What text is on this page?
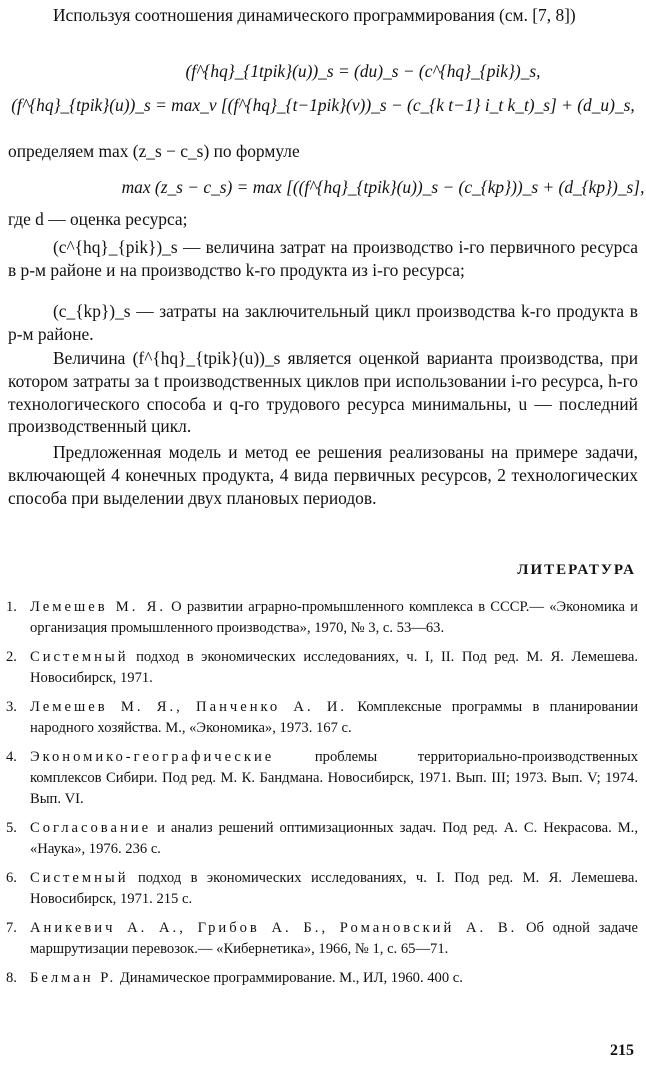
Используя соотношения динамического программирования (см. [7, 8])

(f^{hq}_{1tpik}(u))_s = (du)_s − (c^{hq}_{pik})_s,

(f^{hq}_{tpik}(u))_s = max_v [(f^{hq}_{t−1pik}(v))_s − (c_{k t−1} i_t k_t)_s] + (d_u)_s,

определяем max (z_s − c_s) по формуле

max (z_s − c_s) = max [((f^{hq}_{tpik}(u))_s − (c_{kp}))_s + (d_{kp})_s],

где d — оценка ресурса;

(c^{hq}_{pik})_s — величина затрат на производство i-го первичного ресурса в p-м районе и на производство k-го продукта из i-го ресурса;

(c_{kp})_s — затраты на заключительный цикл производства k-го продукта в p-м районе.

Величина (f^{hq}_{tpik}(u))_s является оценкой варианта производства, при котором затраты за t производственных циклов при использовании i-го ресурса, h-го технологического способа и q-го трудового ресурса минимальны, u — последний производственный цикл.

Предложенная модель и метод ее решения реализованы на примере задачи, включающей 4 конечных продукта, 4 вида первичных ресурсов, 2 технологических способа при выделении двух плановых периодов.

ЛИТЕРАТУРА

1. Лемешев М. Я. О развитии аграрно-промышленного комплекса в СССР.— «Экономика и организация промышленного производства», 1970, № 3, с. 53—63.

2. Системный подход в экономических исследованиях, ч. I, II. Под ред. М. Я. Лемешева. Новосибирск, 1971.

3. Лемешев М. Я., Панченко А. И. Комплексные программы в планировании народного хозяйства. М., «Экономика», 1973. 167 с.

4. Экономико-географические	проблемы территориально-производственных комплексов Сибири. Под ред. М. К. Бандмана. Новосибирск, 1971. Вып. III; 1973. Вып. V; 1974. Вып. VI.

5. Согласование и анализ решений оптимизационных задач. Под ред. А. С. Некрасова. М., «Наука», 1976. 236 с.

6. Системный подход в экономических исследованиях, ч. I. Под ред. М. Я. Лемешева. Новосибирск, 1971. 215 с.

7. Аникевич А. А., Грибов А. Б., Романовский А. В. Об одной задаче маршрутизации перевозок.— «Кибернетика», 1966, № 1, с. 65—71.

8. Белман Р. Динамическое программирование. М., ИЛ, 1960. 400 с.

215
